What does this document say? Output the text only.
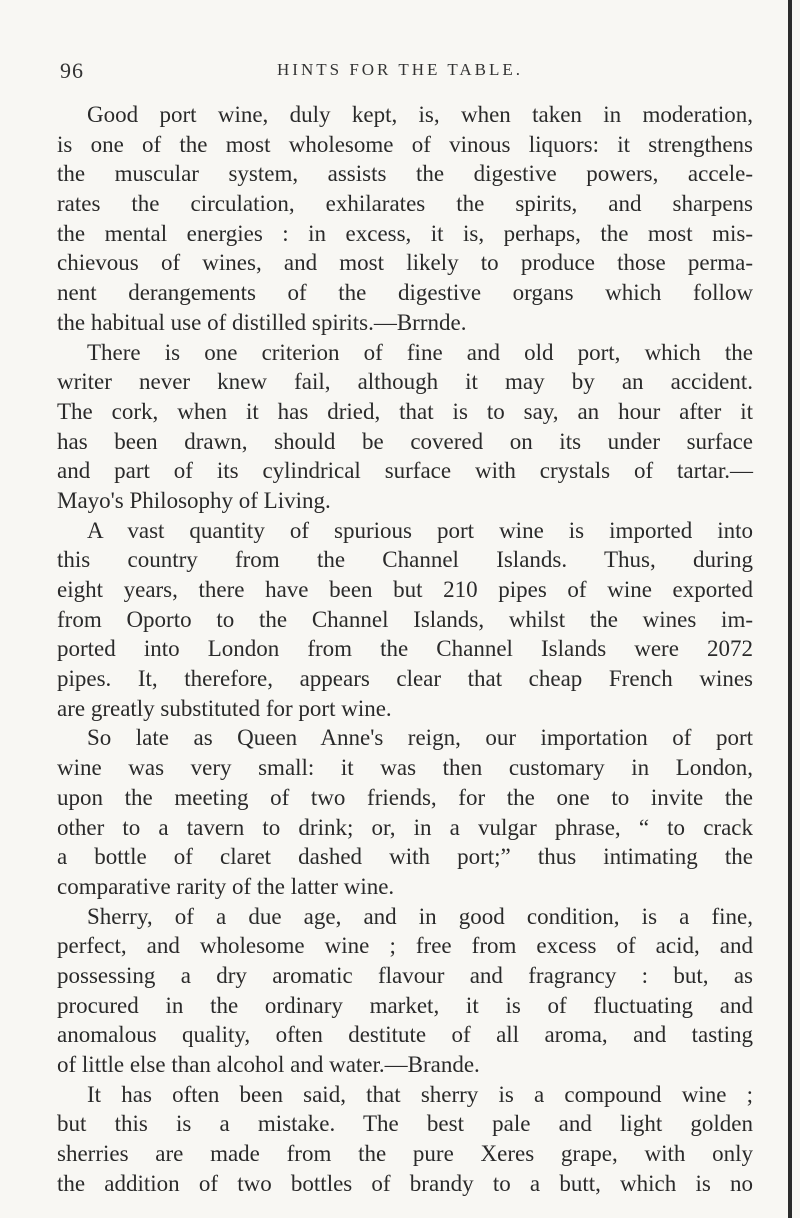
96	HINTS FOR THE TABLE.
Good port wine, duly kept, is, when taken in moderation,
is one of the most wholesome of vinous liquors: it strengthens
the muscular system, assists the digestive powers, accele-
rates the circulation, exhilarates the spirits, and sharpens
the mental energies : in excess, it is, perhaps, the most mis-
chievous of wines, and most likely to produce those perma-
nent derangements of the digestive organs which follow
the habitual use of distilled spirits.—Brrnde.
There is one criterion of fine and old port, which the
writer never knew fail, although it may by an accident.
The cork, when it has dried, that is to say, an hour after it
has been drawn, should be covered on its under surface
and part of its cylindrical surface with crystals of tartar.—
Mayo's Philosophy of Living.
A vast quantity of spurious port wine is imported into
this country from the Channel Islands. Thus, during
eight years, there have been but 210 pipes of wine exported
from Oporto to the Channel Islands, whilst the wines im-
ported into London from the Channel Islands were 2072
pipes. It, therefore, appears clear that cheap French wines
are greatly substituted for port wine.
So late as Queen Anne's reign, our importation of port
wine was very small: it was then customary in London,
upon the meeting of two friends, for the one to invite the
other to a tavern to drink; or, in a vulgar phrase, “ to crack
a bottle of claret dashed with port;” thus intimating the
comparative rarity of the latter wine.
Sherry, of a due age, and in good condition, is a fine,
perfect, and wholesome wine ; free from excess of acid, and
possessing a dry aromatic flavour and fragrancy : but, as
procured in the ordinary market, it is of fluctuating and
anomalous quality, often destitute of all aroma, and tasting
of little else than alcohol and water.—Brande.
It has often been said, that sherry is a compound wine ;
but this is a mistake. The best pale and light golden
sherries are made from the pure Xeres grape, with only
the addition of two bottles of brandy to a butt, which is no
